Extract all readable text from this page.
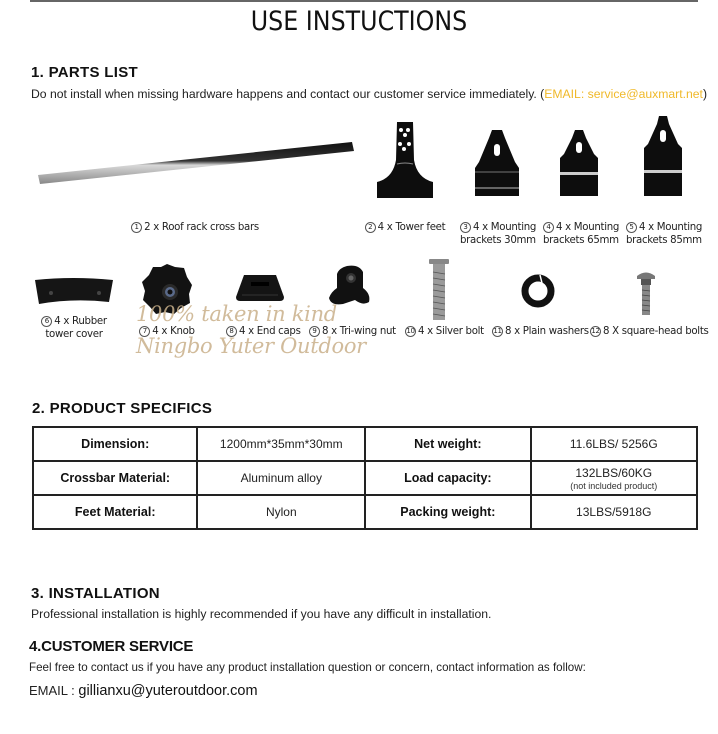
USE INSTUCTIONS
1. PARTS LIST
Do not install when missing hardware happens and contact our customer service immediately. (EMAIL: service@auxmart.net)
1 2 x Roof rack cross bars	2 4 x Tower feet	3 4 x Mounting
brackets 30mm
4 4 x Mounting
brackets 65mm
5 4 x Mounting
brackets 85mm
6 4 x Rubber
tower cover	7 4 x Knob	8 4 x End caps	9 8 x Tri-wing nut 10 4 x Silver bolt 11 8 x Plain washers 12 8 X square-head bolts
100% taken in kind
Ningbo Yuter Outdoor
2. PRODUCT SPECIFICS
Dimension:	1200mm*35mm*30mm	Net weight:	11.6LBS/ 5256G
Crossbar Material:	Aluminum alloy	Load capacity:	132LBS/60KG
(not included product)

Feet Material:	Nylon	Packing weight:	13LBS/5918G
3. INSTALLATION
Professional installation is highly recommended if you have any difficult in installation.
4.CUSTOMER SERVICE
Feel free to contact us if you have any product installation question or concern, contact information as follow:
EMAIL : gillianxu@yuteroutdoor.com
